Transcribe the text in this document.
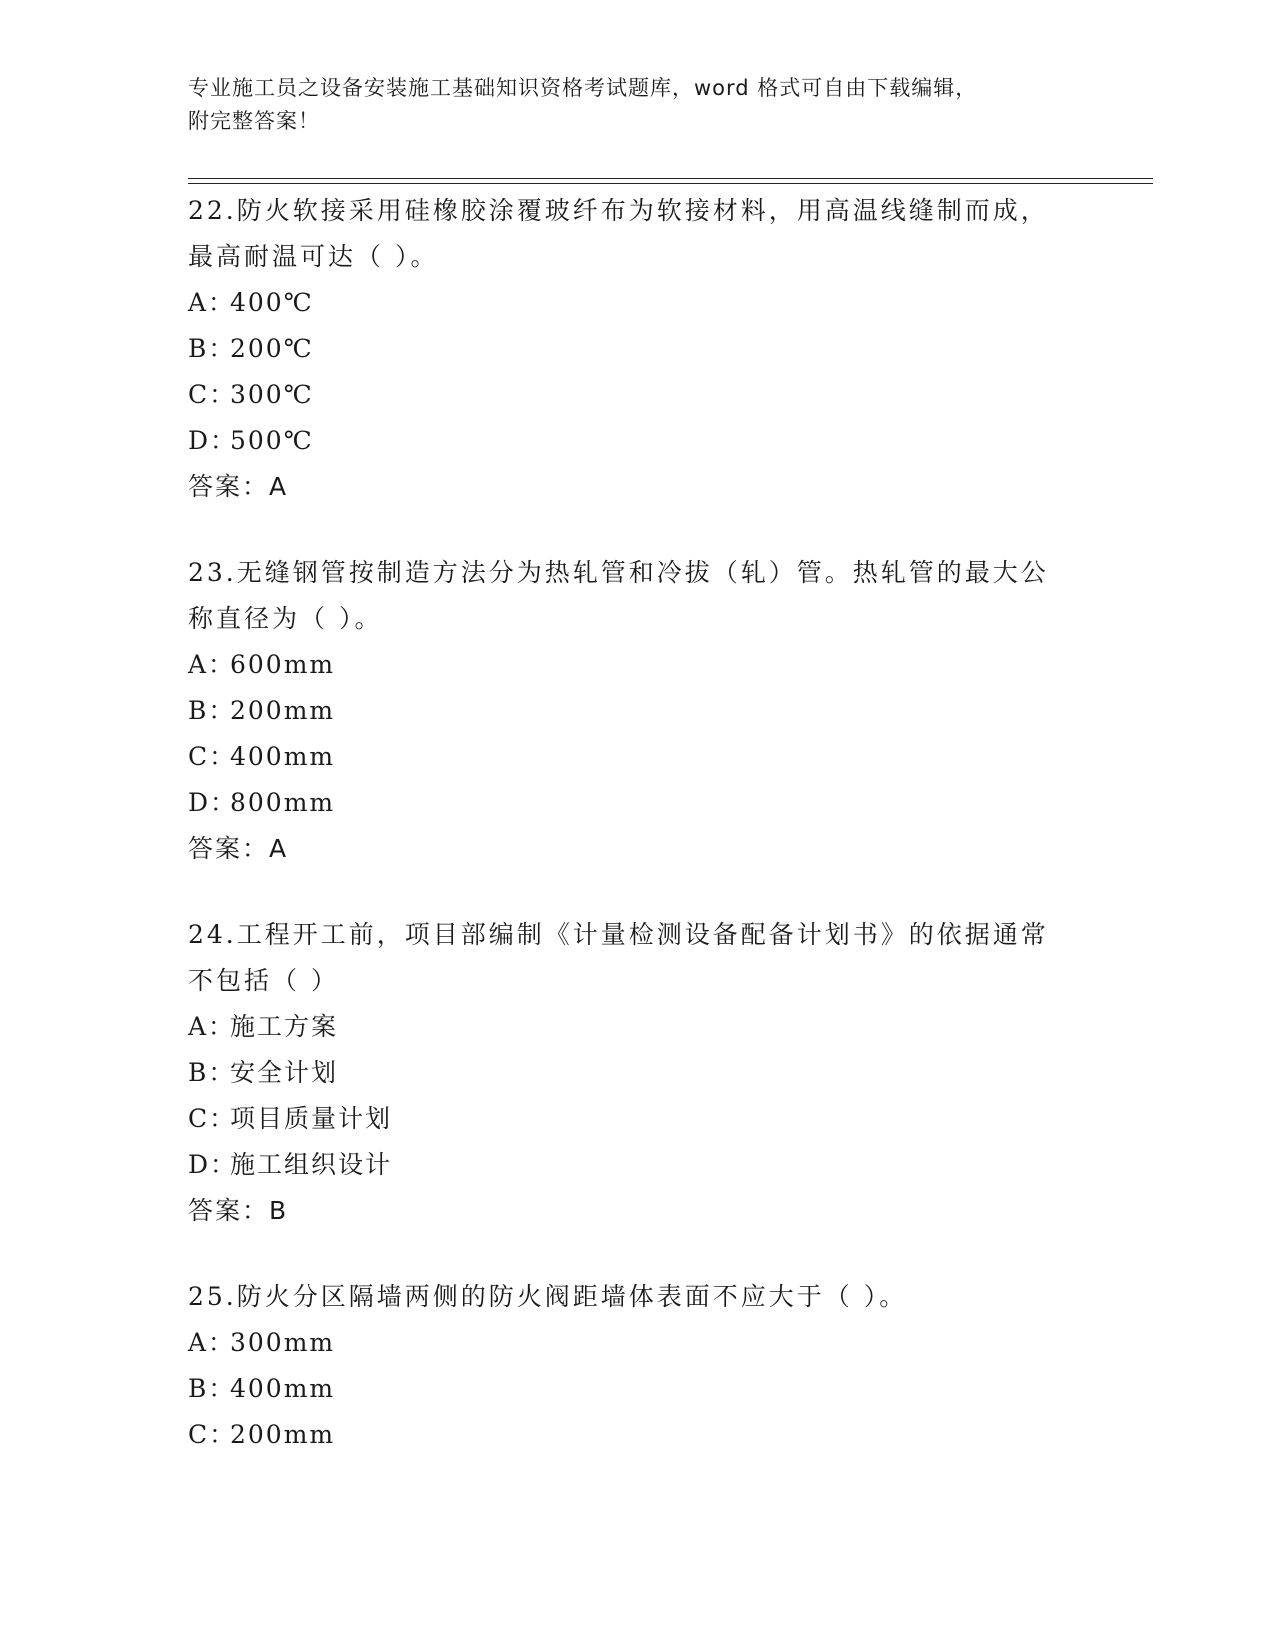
专业施工员之设备安装施工基础知识资格考试题库，word 格式可自由下载编辑，
附完整答案！
22.防火软接采用硅橡胶涂覆玻纤布为软接材料，用高温线缝制而成，
最高耐温可达（ ）。
A：
400℃
B：
200℃
C：
300℃
D：
500℃
答案：A
23.无缝钢管按制造方法分为热轧管和冷拔（轧）管。热轧管的最大公
称直径为（ ）。
A：
600mm
B：
200mm
C：
400mm
D：
800mm
答案：A
24.工程开工前，项目部编制《计量检测设备配备计划书》的依据通常
不包括（ ）
A：
施工方案
B：
安全计划
C：
项目质量计划
D：
施工组织设计
答案：B
25.防火分区隔墙两侧的防火阀距墙体表面不应大于（ ）。
A：
300mm
B：
400mm
C：
200mm
